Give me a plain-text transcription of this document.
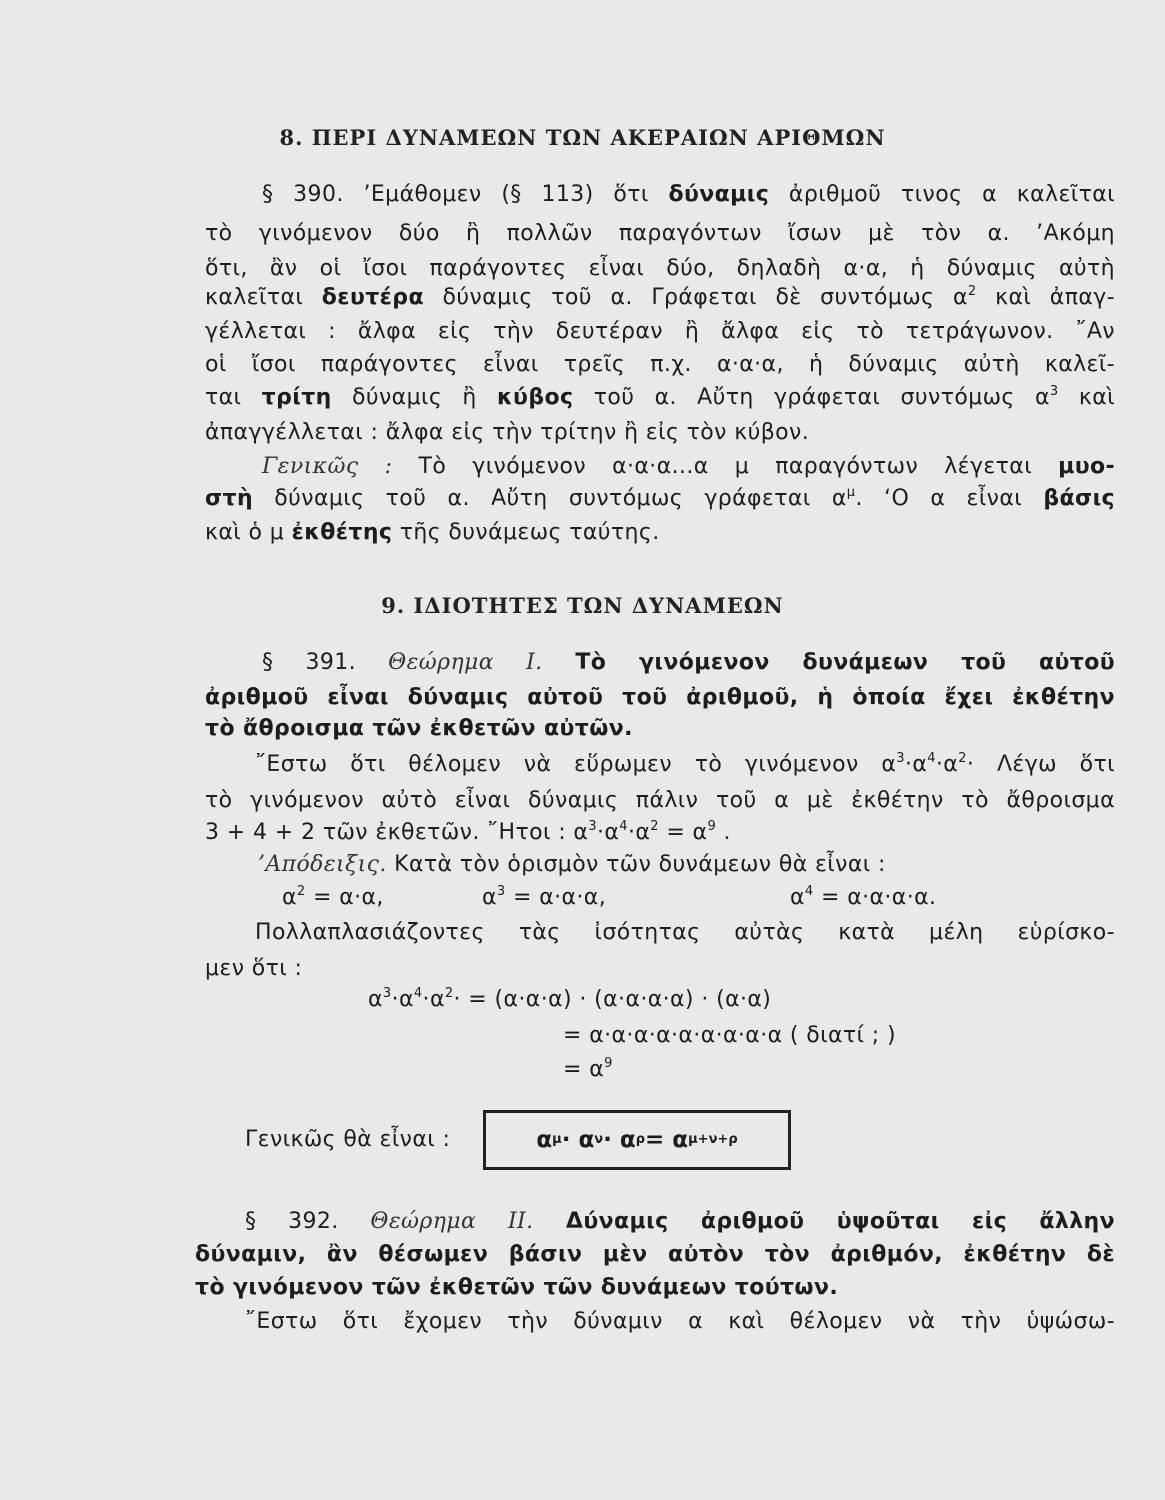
8. ΠΕΡΙ ΔΥΝΑΜΕΩΝ ΤΩΝ ΑΚΕΡΑΙΩΝ ΑΡΙΘΜΩΝ
§ 390. ’Εμάθομεν (§ 113) ὅτι δύναμις ἀριθμοῦ τινος α καλεῖται
τὸ γινόμενον δύο ἢ πολλῶν παραγόντων ἴσων μὲ τὸν α. ’Ακόμη
ὅτι, ἂν οἱ ἴσοι παράγοντες εἶναι δύο, δηλαδὴ α·α, ἡ δύναμις αὐτὴ
καλεῖται δευτέρα δύναμις τοῦ α. Γράφεται δὲ συντόμως $\alpha^2$ καὶ ἀπαγ-
γέλλεται : ἄλφα εἰς τὴν δευτέραν ἢ ἄλφα εἰς τὸ τετράγωνον. ῎Αν
οἱ ἴσοι παράγοντες εἶναι τρεῖς π.χ. α·α·α, ἡ δύναμις αὐτὴ καλεῖ-
ται τρίτη δύναμις ἢ κύβος τοῦ α. Αὔτη γράφεται συντόμως $\alpha^3$ καὶ
ἀπαγγέλλεται : ἄλφα εἰς τὴν τρίτην ἢ εἰς τὸν κύβον.
Γενικῶς : Τὸ γινόμενον α·α·α...α μ παραγόντων λέγεται μυο-
στὴ δύναμις τοῦ α. Αὔτη συντόμως γράφεται $\alpha^\mu$. ‘Ο α εἶναι βάσις
καὶ ὁ μ ἐκθέτης τῆς δυνάμεως ταύτης.
9. ΙΔΙΟΤΗΤΕΣ ΤΩΝ ΔΥΝΑΜΕΩΝ
§ 391. Θεώρημα I. Τὸ γινόμενον δυνάμεων τοῦ αὐτοῦ
ἀριθμοῦ εἶναι δύναμις αὐτοῦ τοῦ ἀριθμοῦ, ἡ ὁποία ἔχει ἐκθέτην
τὸ ἄθροισμα τῶν ἐκθετῶν αὐτῶν.
῎Εστω ὅτι θέλομεν νὰ εὕρωμεν τὸ γινόμενον $\alpha^3\cdot\alpha^4\cdot\alpha^2\cdot \Lambda έ\gamma\omega$ ὅτι
τὸ γινόμενον αὐτὸ εἶναι δύναμις πάλιν τοῦ α μὲ ἐκθέτην τὸ ἄθροισμα
3 + 4 + 2 τῶν ἐκθετῶν. ῎Ητοι : $\alpha^3\cdot\alpha^4\cdot\alpha^2 = \alpha^9$ .
’Απόδειξις. Κατὰ τὸν ὁρισμὸν τῶν δυνάμεων θὰ εἶναι :
$\alpha^2 = \alpha\cdot\alpha$,	$\alpha^3 = \alpha\cdot\alpha\cdot\alpha$,	$\alpha^4 = \alpha\cdot\alpha\cdot\alpha\cdot\alpha$.
Πολλαπλασιάζοντες τὰς ἰσότητας αὐτὰς κατὰ μέλη εὑρίσκο-
μεν ὅτι :
$\alpha^3\cdot\alpha^4\cdot\alpha^2\cdot = (\alpha\cdot\alpha\cdot\alpha) \cdot (\alpha\cdot\alpha\cdot\alpha\cdot\alpha) \cdot (\alpha\cdot\alpha)$
= α·α·α·α·α·α·α·α·α ( διατί ; )
= $\alpha^9$
Γενικῶς θὰ εἶναι :	α μ · α ν · α ρ = α μ+ν+ρ
§ 392. Θεώρημα II. Δύναμις ἀριθμοῦ ὑψοῦται εἰς ἄλλην
δύναμιν, ἂν θέσωμεν βάσιν μὲν αὐτὸν τὸν ἀριθμόν, ἐκθέτην δὲ
τὸ γινόμενον τῶν ἐκθετῶν τῶν δυνάμεων τούτων.
῎Εστω ὅτι ἔχομεν τὴν δύναμιν α καὶ θέλομεν νὰ τὴν ὑψώσω-
